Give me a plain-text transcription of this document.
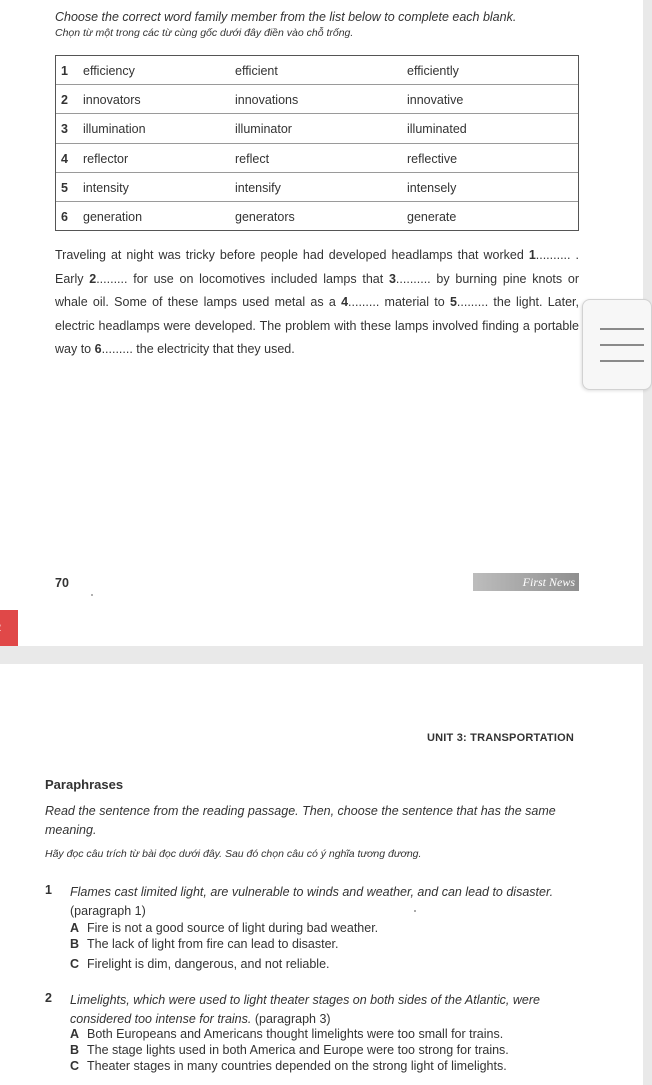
Choose the correct word family member from the list below to complete each blank.
Chọn từ một trong các từ cùng gốc dưới đây điền vào chỗ trống.
1 efficiency	efficient	efficiently
2 innovators	innovations	innovative
3 illumination	illuminator	illuminated
4 reflector	reflect	reflective
5 intensity	intensify	intensely
6 generation	generators	generate

Traveling at night was tricky before people had developed headlamps that worked 1.......... . Early 2......... for use on locomotives included lamps that 3.......... by burning pine knots or whale oil. Some of these lamps used metal as a 4......... material to 5......... the light. Later, electric headlamps were developed. The problem with these lamps involved finding a portable way to 6......... the electricity that they used.

70	First News
UNIT 3: TRANSPORTATION
Paraphrases
Read the sentence from the reading passage. Then, choose the sentence that has the same meaning.
Hãy đọc câu trích từ bài đọc dưới đây. Sau đó chọn câu có ý nghĩa tương đương.
1 Flames cast limited light, are vulnerable to winds and weather, and can lead to disaster.
(paragraph 1)
A Fire is not a good source of light during bad weather.
B The lack of light from fire can lead to disaster.
C Firelight is dim, dangerous, and not reliable.
2 Limelights, which were used to light theater stages on both sides of the Atlantic, were considered too intense for trains. (paragraph 3)
A Both Europeans and Americans thought limelights were too small for trains.
B The stage lights used in both America and Europe were too strong for trains.
C Theater stages in many countries depended on the strong light of limelights.
